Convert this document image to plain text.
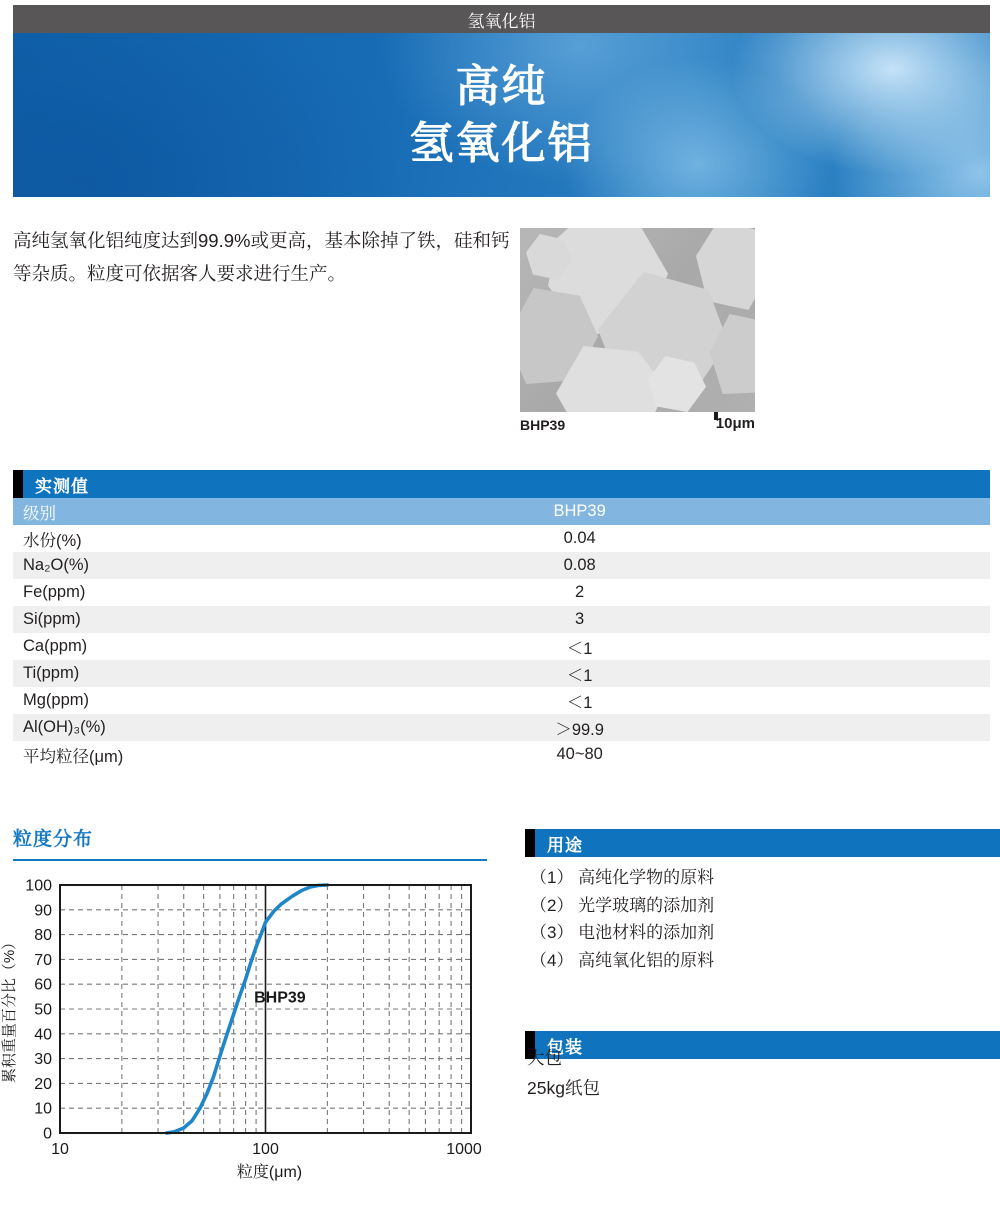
氢氧化铝
高纯
氢氧化铝
高纯氢氧化铝纯度达到99.9%或更高，基本除掉了铁，硅和钙等杂质。粒度可依据客人要求进行生产。
BHP39	10μm
实测值
级别	BHP39
水份(%)	0.04
Na₂O(%)	0.08
Fe(ppm)	2
Si(ppm)	3
Ca(ppm)	＜1
Ti(ppm)	＜1
Mg(ppm)	＜1
Al(OH)₃(%)	＞99.9
平均粒径(μm)	40~80
粒度分布
0
10
20
30
40
50
60
70
80
90
100
10	100	1000
粒度(μm)
累积重量百分比（%）	BHP39
用途
（1） 高纯化学物的原料
（2） 光学玻璃的添加剂
（3） 电池材料的添加剂
（4） 高纯氧化铝的原料
包装
大包
25kg纸包
